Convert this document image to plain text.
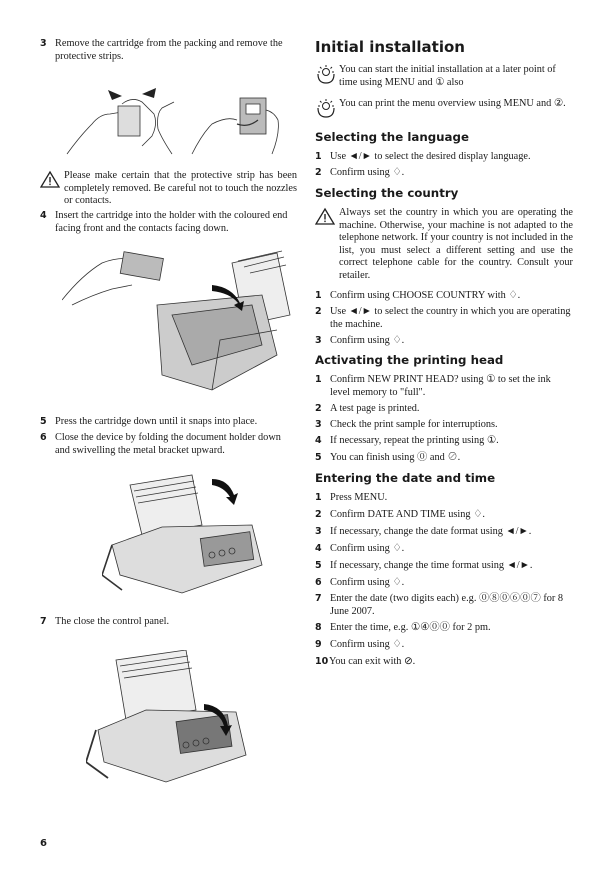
3 Remove the cartridge from the packing and remove the protective strips.
Please make certain that the protective strip has been completely removed. Be careful not to touch the nozzles or contacts.
4 Insert the cartridge into the holder with the coloured end facing front and the contacts facing down.
5 Press the cartridge down until it snaps into place.
6 Close the device by folding the document holder down and swivelling the metal bracket upward.
7 The close the control panel.
Initial installation
You can start the initial installation at a later point of time using MENU and ① also
You can print the menu overview using MENU and ②.
Selecting the language
1 Use ◄/► to select the desired display language.
2 Confirm using ♢.
Selecting the country
Always set the country in which you are operating the machine. Otherwise, your machine is not adapted to the telephone network. If your country is not included in the list, you must select a different setting and use the correct telephone cable for the country. Consult your retailer.
1 Confirm using CHOOSE COUNTRY with ♢.
2 Use ◄/► to select the country in which you are operating the machine.
3 Confirm using ♢.
Activating the printing head
1 Confirm NEW PRINT HEAD? using ① to set the ink level memory to "full".
2 A test page is printed.
3 Check the print sample for interruptions.
4 If necessary, repeat the printing using ①.
5 You can finish using ⓪ and ⊘.
Entering the date and time
1 Press MENU.
2 Confirm DATE AND TIME using ♢.
3 If necessary, change the date format using ◄/►.
4 Confirm using ♢.
5 If necessary, change the time format using ◄/►.
6 Confirm using ♢.
7 Enter the date (two digits each) e.g. ⓪⑧⓪⑥⓪⑦ for 8 June 2007.
8 Enter the time, e.g. ①④⓪⓪ for 2 pm.
9 Confirm using ♢.
10 You can exit with ⊘.
6
